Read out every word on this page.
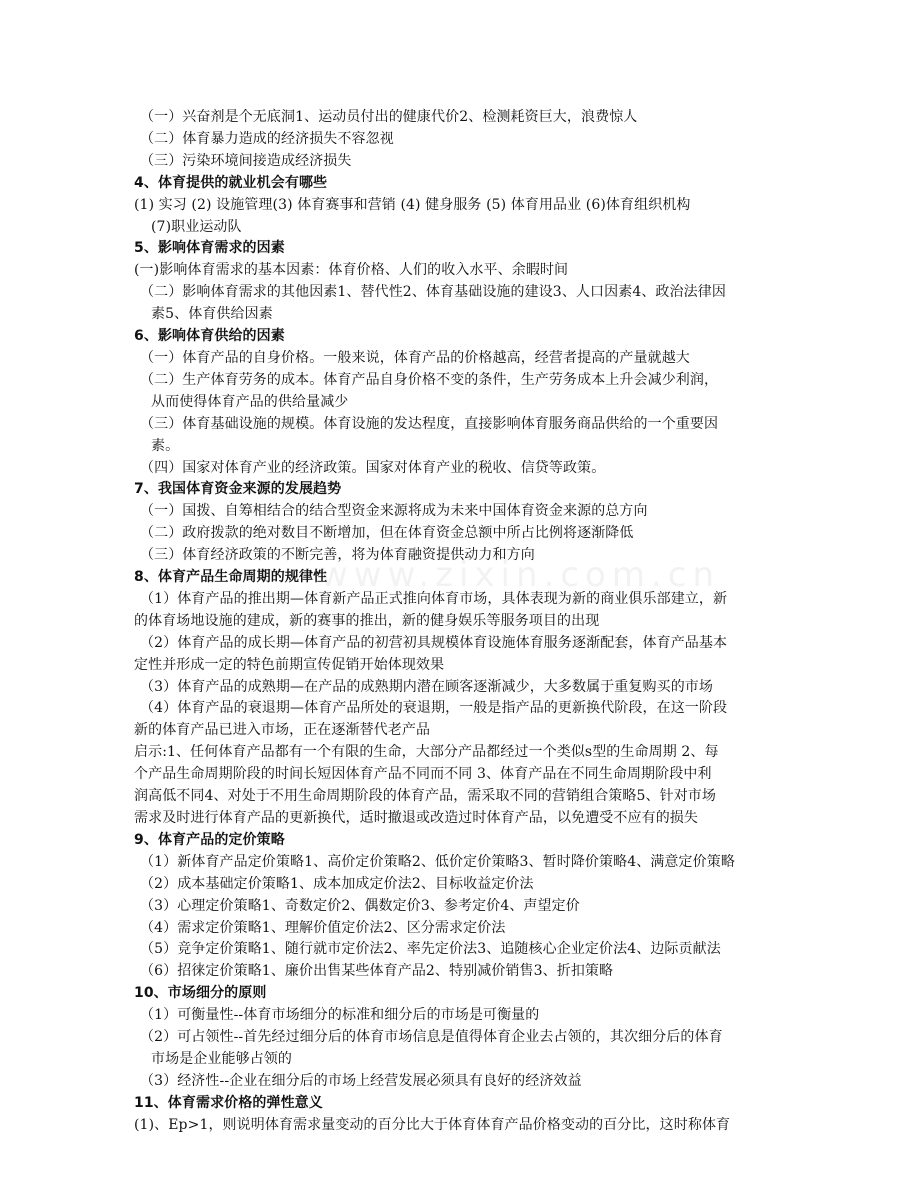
www.zixin.com.cn
（一）兴奋剂是个无底洞1、运动员付出的健康代价2、检测耗资巨大，浪费惊人
（二）体育暴力造成的经济损失不容忽视
（三）污染环境间接造成经济损失
4、体育提供的就业机会有哪些
(1) 实习 (2) 设施管理(3) 体育赛事和营销 (4) 健身服务 (5) 体育用品业 (6)体育组织机构
(7)职业运动队
5、影响体育需求的因素
(一)影响体育需求的基本因素：体育价格、人们的收入水平、余暇时间
（二）影响体育需求的其他因素1、替代性2、体育基础设施的建设3、人口因素4、政治法律因
素5、体育供给因素
6、影响体育供给的因素
（一）体育产品的自身价格。一般来说，体育产品的价格越高，经营者提高的产量就越大
（二）生产体育劳务的成本。体育产品自身价格不变的条件，生产劳务成本上升会减少利润，
从而使得体育产品的供给量减少
（三）体育基础设施的规模。体育设施的发达程度，直接影响体育服务商品供给的一个重要因
素。
（四）国家对体育产业的经济政策。国家对体育产业的税收、信贷等政策。
7、我国体育资金来源的发展趋势
（一）国拨、自筹相结合的结合型资金来源将成为未来中国体育资金来源的总方向
（二）政府拨款的绝对数目不断增加，但在体育资金总额中所占比例将逐渐降低
（三）体育经济政策的不断完善，将为体育融资提供动力和方向
8、体育产品生命周期的规律性
（1）体育产品的推出期—体育新产品正式推向体育市场，具体表现为新的商业俱乐部建立，新
的体育场地设施的建成，新的赛事的推出，新的健身娱乐等服务项目的出现
（2）体育产品的成长期—体育产品的初营初具规模体育设施体育服务逐渐配套，体育产品基本
定性并形成一定的特色前期宣传促销开始体现效果
（3）体育产品的成熟期—在产品的成熟期内潜在顾客逐渐减少，大多数属于重复购买的市场
（4）体育产品的衰退期—体育产品所处的衰退期，一般是指产品的更新换代阶段，在这一阶段
新的体育产品已进入市场，正在逐渐替代老产品
启示:1、任何体育产品都有一个有限的生命，大部分产品都经过一个类似s型的生命周期 2、每
个产品生命周期阶段的时间长短因体育产品不同而不同 3、体育产品在不同生命周期阶段中利
润高低不同4、对处于不用生命周期阶段的体育产品，需采取不同的营销组合策略5、针对市场
需求及时进行体育产品的更新换代，适时撤退或改造过时体育产品，以免遭受不应有的损失
9、体育产品的定价策略
（1）新体育产品定价策略1、高价定价策略2、低价定价策略3、暂时降价策略4、满意定价策略
（2）成本基础定价策略1、成本加成定价法2、目标收益定价法
（3）心理定价策略1、奇数定价2、偶数定价3、参考定价4、声望定价
（4）需求定价策略1、理解价值定价法2、区分需求定价法
（5）竞争定价策略1、随行就市定价法2、率先定价法3、追随核心企业定价法4、边际贡献法
（6）招徕定价策略1、廉价出售某些体育产品2、特别减价销售3、折扣策略
10、市场细分的原则
（1）可衡量性--体育市场细分的标准和细分后的市场是可衡量的
（2）可占领性--首先经过细分后的体育市场信息是值得体育企业去占领的，其次细分后的体育
市场是企业能够占领的
（3）经济性--企业在细分后的市场上经营发展必须具有良好的经济效益
11、体育需求价格的弹性意义
(1)、Ep>1，则说明体育需求量变动的百分比大于体育体育产品价格变动的百分比，这时称体育
